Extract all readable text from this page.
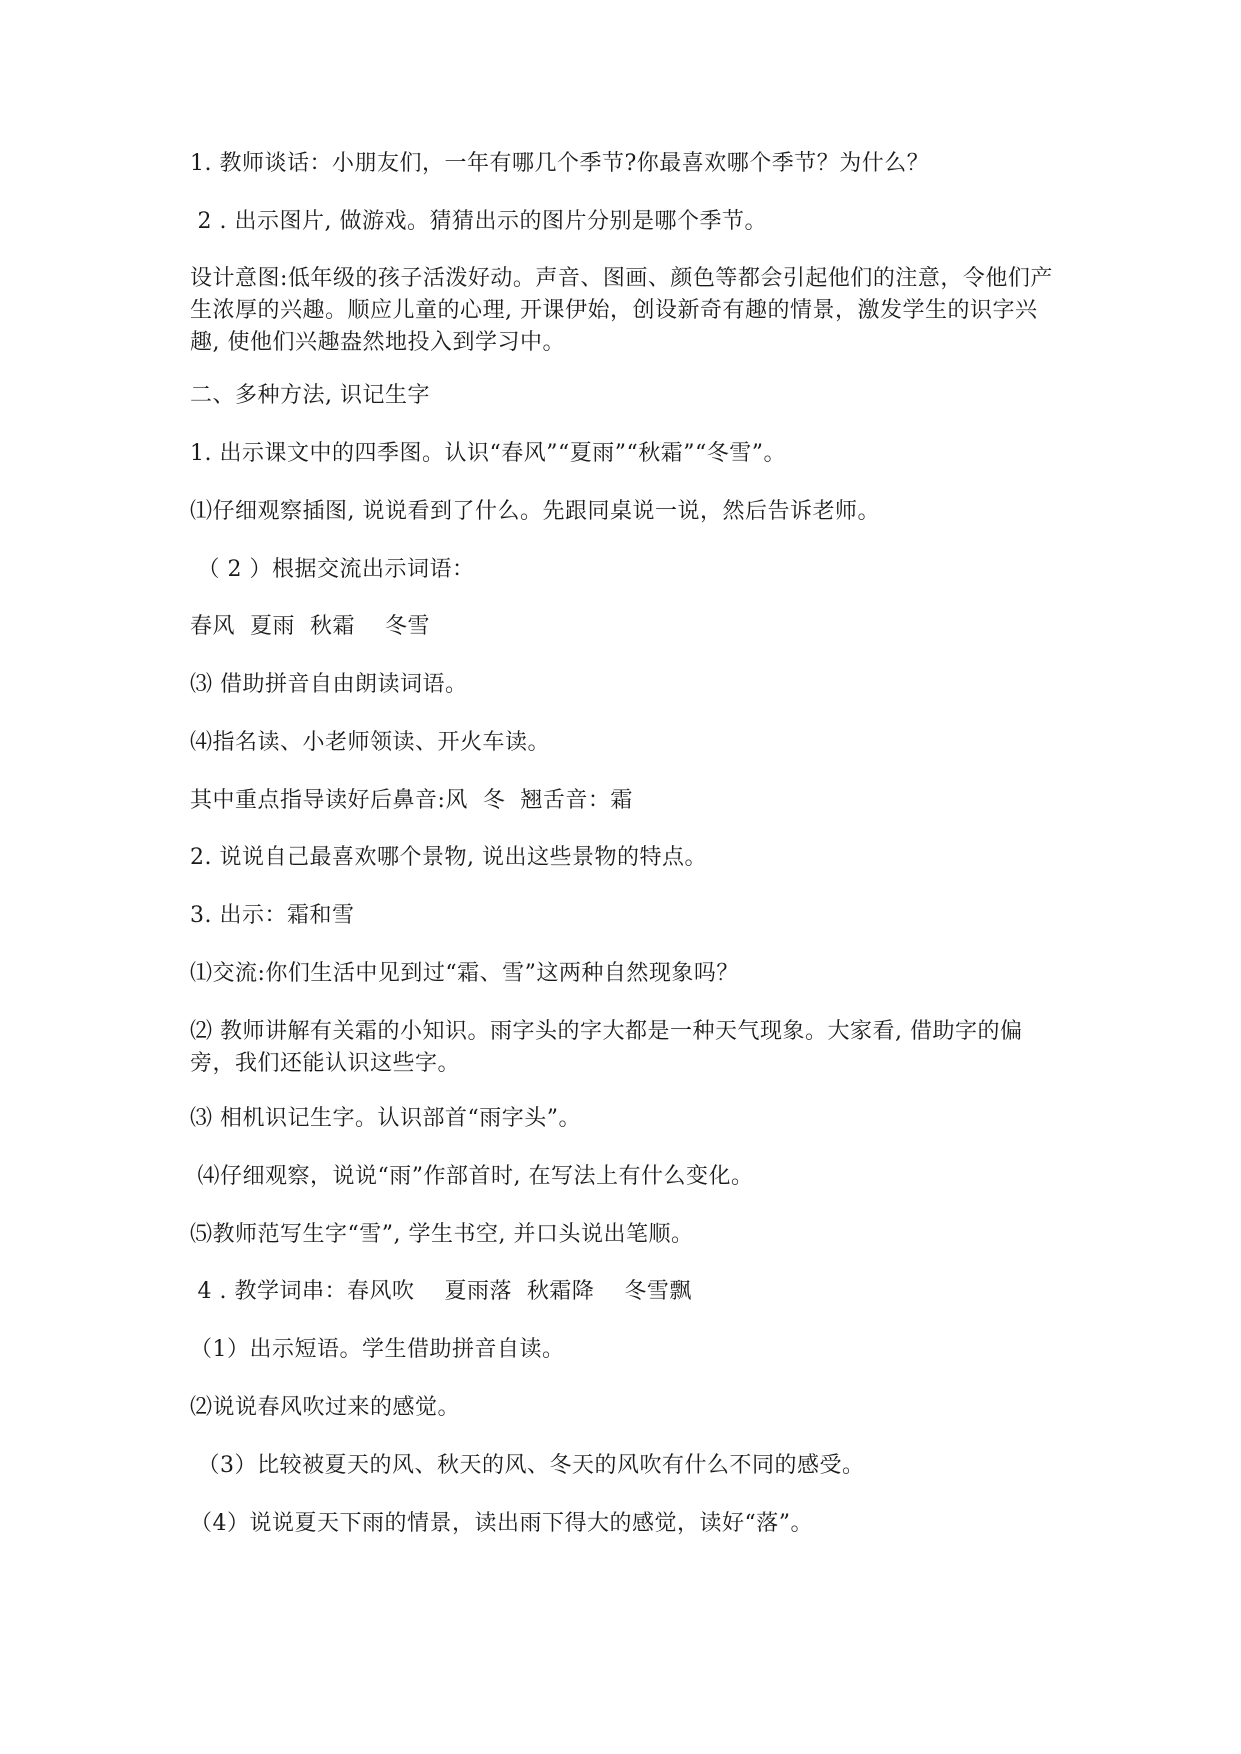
1. 教师谈话：小朋友们，一年有哪几个季节?你最喜欢哪个季节？为什么？
2 . 出示图片, 做游戏。猜猜出示的图片分别是哪个季节。
设计意图:低年级的孩子活泼好动。声音、图画、颜色等都会引起他们的注意，令他们产生浓厚的兴趣。顺应儿童的心理, 开课伊始，创设新奇有趣的情景，激发学生的识字兴趣, 使他们兴趣盎然地投入到学习中。
二、多种方法, 识记生字
1. 出示课文中的四季图。认识“春风”“夏雨”“秋霜”“冬雪”。
⑴仔细观察插图, 说说看到了什么。先跟同桌说一说，然后告诉老师。
（ 2 ）根据交流出示词语：
春风  夏雨  秋霜    冬雪
⑶ 借助拼音自由朗读词语。
⑷指名读、小老师领读、开火车读。
其中重点指导读好后鼻音:风  冬  翘舌音：霜
2. 说说自己最喜欢哪个景物, 说出这些景物的特点。
3. 出示：霜和雪
⑴交流:你们生活中见到过“霜、雪”这两种自然现象吗？
⑵ 教师讲解有关霜的小知识。雨字头的字大都是一种天气现象。大家看, 借助字的偏旁，我们还能认识这些字。
⑶ 相机识记生字。认识部首“雨字头”。
⑷仔细观察，说说“雨”作部首时, 在写法上有什么变化。
⑸教师范写生字“雪”, 学生书空, 并口头说出笔顺。
4 . 教学词串：春风吹    夏雨落  秋霜降    冬雪飘
（1）出示短语。学生借助拼音自读。
⑵说说春风吹过来的感觉。
（3）比较被夏天的风、秋天的风、冬天的风吹有什么不同的感受。
（4）说说夏天下雨的情景，读出雨下得大的感觉，读好“落”。
